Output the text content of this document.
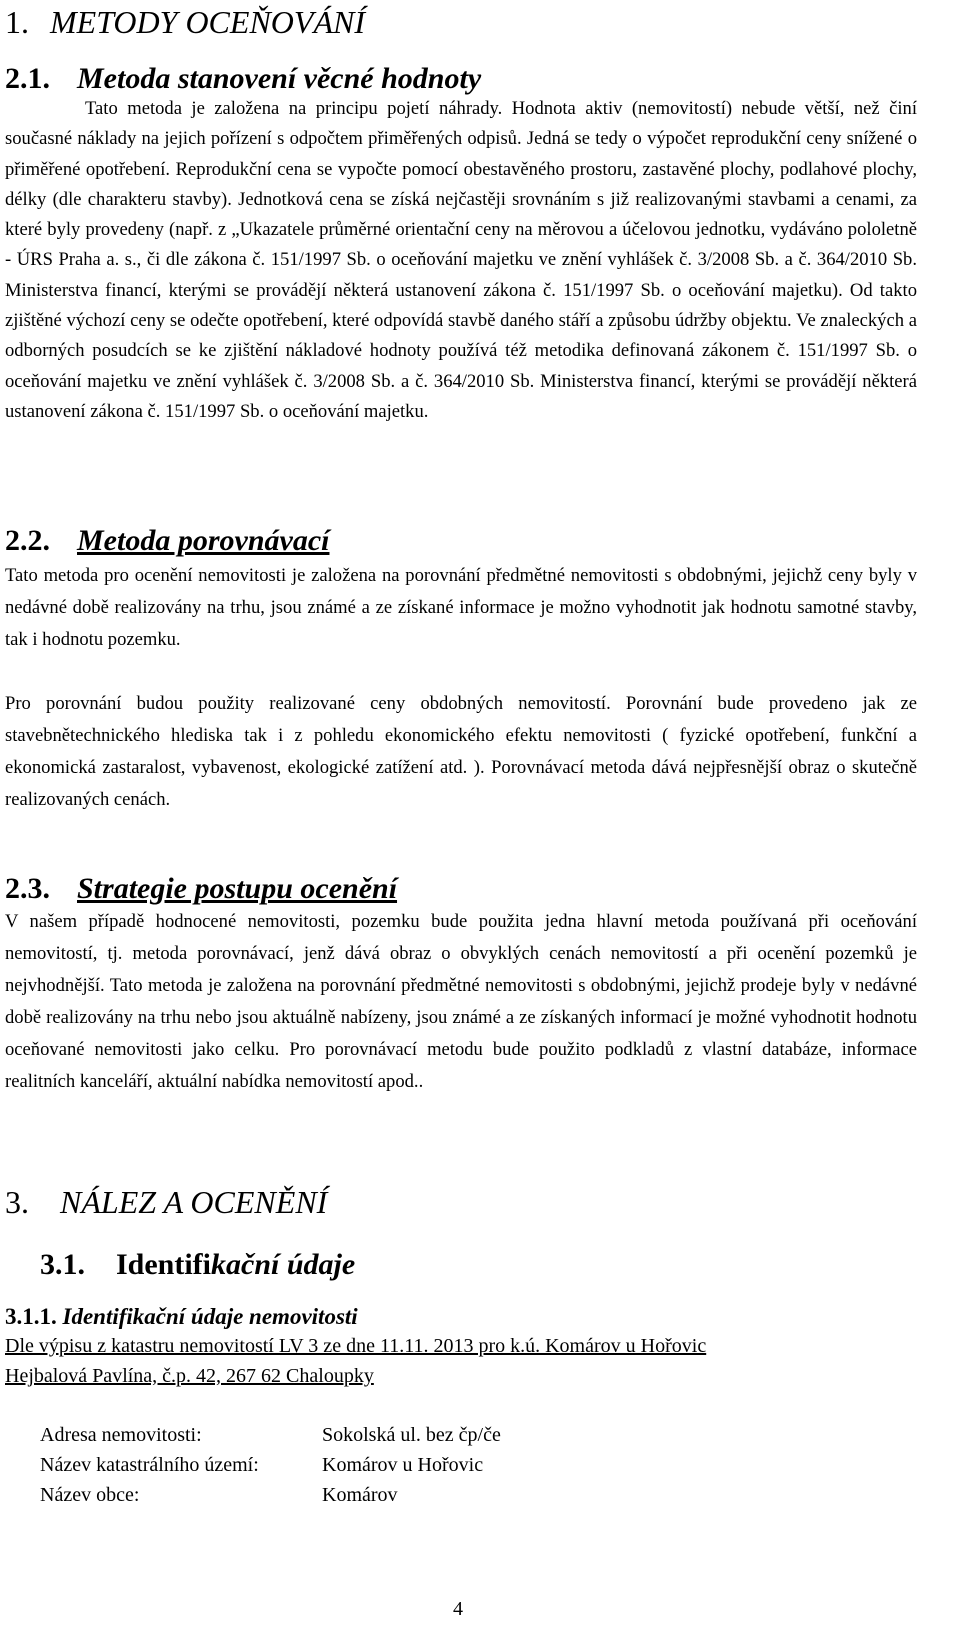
1. METODY OCEŇOVÁNÍ
2.1. Metoda stanovení věcné hodnoty

Tato metoda je založena na principu pojetí náhrady. Hodnota aktiv (nemovitostí) nebude větší, než činí současné náklady na jejich pořízení s odpočtem přiměřených odpisů. Jedná se tedy o výpočet reprodukční ceny snížené o přiměřené opotřebení. Reprodukční cena se vypočte pomocí obestavěného prostoru, zastavěné plochy, podlahové plochy, délky (dle charakteru stavby). Jednotková cena se získá nejčastěji srovnáním s již realizovanými stavbami a cenami, za které byly provedeny (např. z „Ukazatele průměrné orientační ceny na měrovou a účelovou jednotku, vydáváno pololetně - ÚRS Praha a. s., či dle zákona č. 151/1997 Sb. o oceňování majetku ve znění vyhlášek č. 3/2008 Sb. a č. 364/2010 Sb. Ministerstva financí, kterými se provádějí některá ustanovení zákona č. 151/1997 Sb. o oceňování majetku). Od takto zjištěné výchozí ceny se odečte opotřebení, které odpovídá stavbě daného stáří a způsobu údržby objektu. Ve znaleckých a odborných posudcích se ke zjištění nákladové hodnoty používá též metodika definovaná zákonem č. 151/1997 Sb. o oceňování majetku ve znění vyhlášek č. 3/2008 Sb. a č. 364/2010 Sb. Ministerstva financí, kterými se provádějí některá ustanovení zákona č. 151/1997 Sb. o oceňování majetku.

2.2. Metoda porovnávací

Tato metoda pro ocenění nemovitosti je založena na porovnání předmětné nemovitosti s obdobnými, jejichž ceny byly v nedávné době realizovány na trhu, jsou známé a ze získané informace je možno vyhodnotit jak hodnotu samotné stavby, tak i hodnotu pozemku.

Pro porovnání budou použity realizované ceny obdobných nemovitostí. Porovnání bude provedeno jak ze stavebnětechnického hlediska tak i z pohledu ekonomického efektu nemovitosti ( fyzické opotřebení, funkční a ekonomická zastaralost, vybavenost, ekologické zatížení atd. ). Porovnávací metoda dává nejpřesnější obraz o skutečně realizovaných cenách.

2.3. Strategie postupu ocenění

V našem případě hodnocené nemovitosti, pozemku bude použita jedna hlavní metoda používaná při oceňování nemovitostí, tj. metoda porovnávací, jenž dává obraz o obvyklých cenách nemovitostí a při ocenění pozemků je nejvhodnější. Tato metoda je založena na porovnání předmětné nemovitosti s obdobnými, jejichž prodeje byly v nedávné době realizovány na trhu nebo jsou aktuálně nabízeny, jsou známé a ze získaných informací je možné vyhodnotit hodnotu oceňované nemovitosti jako celku. Pro porovnávací metodu bude použito podkladů z vlastní databáze, informace realitních kanceláří, aktuální nabídka nemovitostí apod..

3. NÁLEZ A OCENĚNÍ
3.1. Identifikační údaje
3.1.1. Identifikační údaje nemovitosti

Dle výpisu z katastru nemovitostí LV 3 ze dne 11.11. 2013 pro k.ú. Komárov u Hořovic

Hejbalová Pavlína, č.p. 42, 267 62 Chaloupky

Adresa nemovitosti:	Sokolská ul. bez čp/če
Název katastrálního území:	Komárov u Hořovic
Název obce:	Komárov

4
